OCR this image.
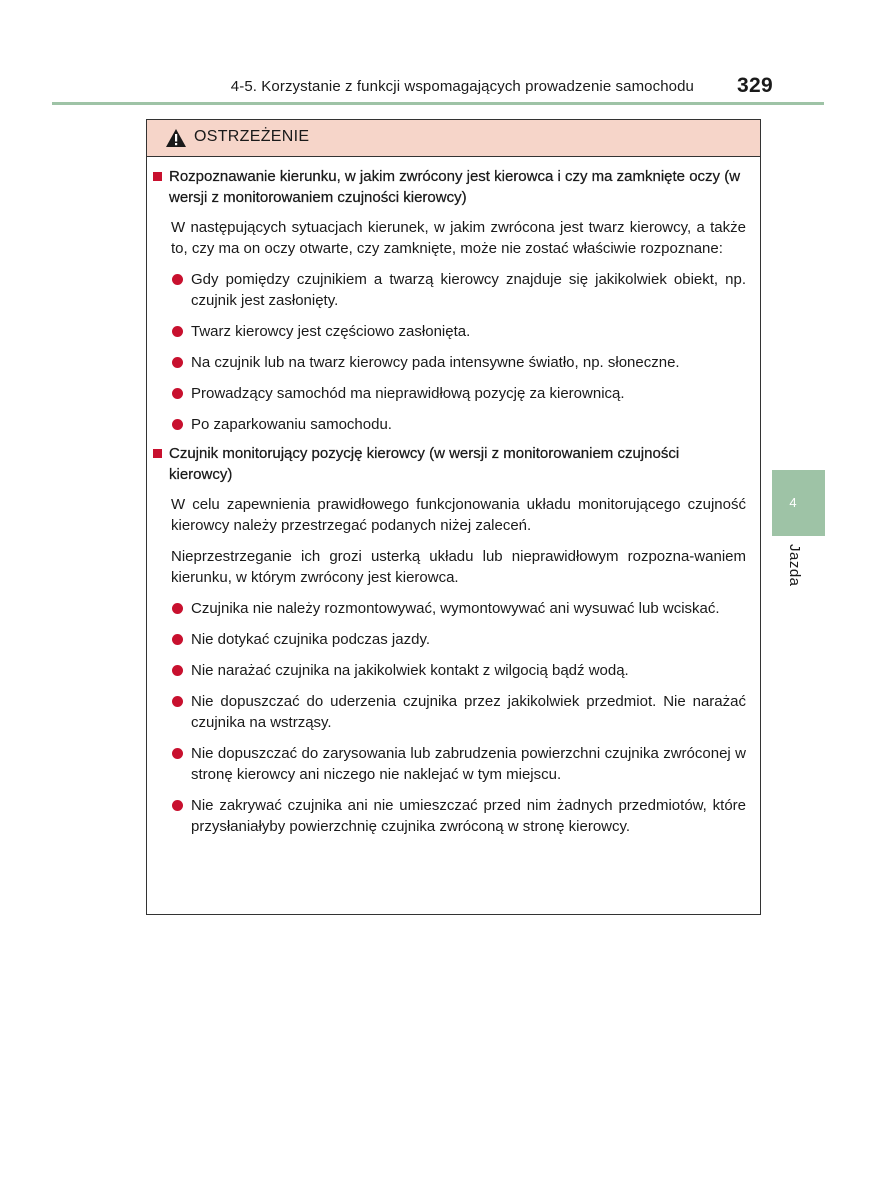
4-5. Korzystanie z funkcji wspomagających prowadzenie samochodu 329
4
Jazda
OSTRZEŻENIE
Rozpoznawanie kierunku, w jakim zwrócony jest kierowca i czy ma zamknięte oczy (w wersji z monitorowaniem czujności kierowcy)
W następujących sytuacjach kierunek, w jakim zwrócona jest twarz kierowcy, a także to, czy ma on oczy otwarte, czy zamknięte, może nie zostać właściwie rozpoznane:
Gdy pomiędzy czujnikiem a twarzą kierowcy znajduje się jakikolwiek obiekt, np. czujnik jest zasłonięty.
Twarz kierowcy jest częściowo zasłonięta.
Na czujnik lub na twarz kierowcy pada intensywne światło, np. słoneczne.
Prowadzący samochód ma nieprawidłową pozycję za kierownicą.
Po zaparkowaniu samochodu.
Czujnik monitorujący pozycję kierowcy (w wersji z monitorowaniem czujności kierowcy)
W celu zapewnienia prawidłowego funkcjonowania układu monitorującego czujność kierowcy należy przestrzegać podanych niżej zaleceń.
Nieprzestrzeganie ich grozi usterką układu lub nieprawidłowym rozpozna-waniem kierunku, w którym zwrócony jest kierowca.
Czujnika nie należy rozmontowywać, wymontowywać ani wysuwać lub wciskać.
Nie dotykać czujnika podczas jazdy.
Nie narażać czujnika na jakikolwiek kontakt z wilgocią bądź wodą.
Nie dopuszczać do uderzenia czujnika przez jakikolwiek przedmiot. Nie narażać czujnika na wstrząsy.
Nie dopuszczać do zarysowania lub zabrudzenia powierzchni czujnika zwróconej w stronę kierowcy ani niczego nie naklejać w tym miejscu.
Nie zakrywać czujnika ani nie umieszczać przed nim żadnych przedmiotów, które przysłaniałyby powierzchnię czujnika zwróconą w stronę kierowcy.
